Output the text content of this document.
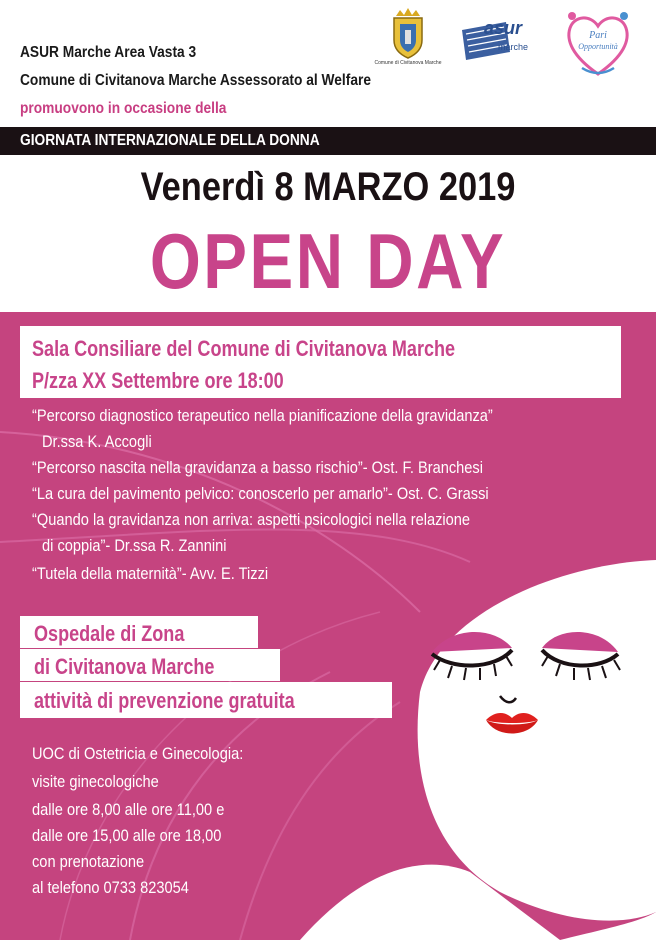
Comune di Civitanova Marche
asur
marche
Pari
Opportunità
ASUR Marche Area Vasta 3
Comune di Civitanova Marche Assessorato al Welfare
promuovono in occasione della
GIORNATA INTERNAZIONALE DELLA DONNA
Venerdì 8 MARZO 2019
OPEN DAY
Sala Consiliare del Comune di Civitanova Marche
P/zza XX Settembre ore 18:00
“Percorso diagnostico terapeutico nella pianificazione della gravidanza”
Dr.ssa K. Accogli
“Percorso nascita nella gravidanza a basso rischio”- Ost. F. Branchesi
“La cura del pavimento pelvico: conoscerlo per amarlo”- Ost. C. Grassi
“Quando la gravidanza non arriva: aspetti psicologici nella relazione
di coppia”- Dr.ssa R. Zannini
“Tutela della maternità”- Avv. E. Tizzi
Ospedale di Zona
di Civitanova Marche
attività di prevenzione gratuita
UOC di Ostetricia e Ginecologia:
visite ginecologiche
dalle ore 8,00 alle ore 11,00 e
dalle ore 15,00 alle ore 18,00
con prenotazione
al telefono 0733 823054
